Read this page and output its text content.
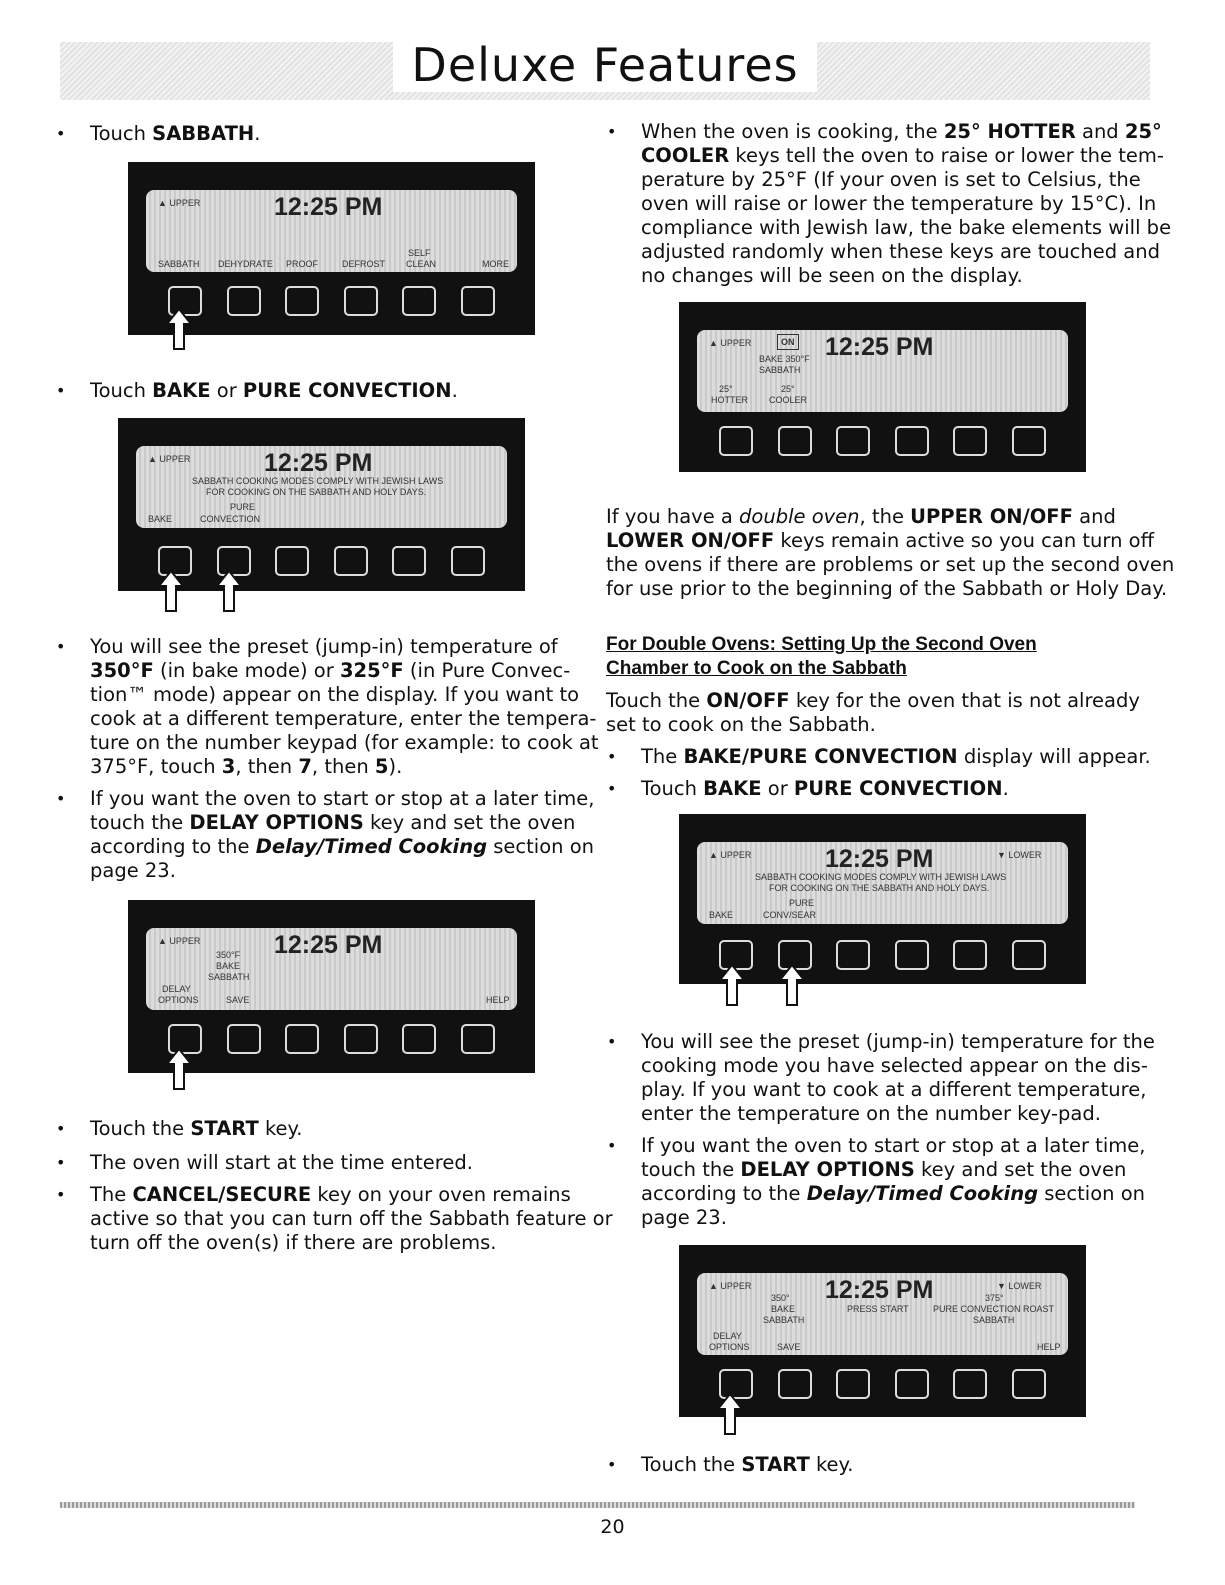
Deluxe Features
• Touch SABBATH.
▲ UPPER	12:25 PM
SELF
SABBATH DEHYDRATE PROOF	DEFROST CLEAN	MORE
• Touch BAKE or PURE CONVECTION.
▲ UPPER	12:25 PM
SABBATH COOKING MODES COMPLY WITH JEWISH LAWS
FOR COOKING ON THE SABBATH AND HOLY DAYS.
PURE
BAKE	CONVECTION
• You will see the preset (jump-in) temperature of
350°F (in bake mode) or 325°F (in Pure Convec-
tion™ mode) appear on the display. If you want to
cook at a different temperature, enter the tempera-
ture on the number keypad (for example: to cook at
375°F, touch 3, then 7, then 5).
• If you want the oven to start or stop at a later time,
touch the DELAY OPTIONS key and set the oven
according to the Delay/Timed Cooking section on
page 23.
▲ UPPER	12:25 PM
350°F
BAKE
SABBATH
DELAY
OPTIONS	SAVE	HELP
• Touch the START key.
• The oven will start at the time entered.
• The CANCEL/SECURE key on your oven remains
active so that you can turn off the Sabbath feature or
turn off the oven(s) if there are problems.
• When the oven is cooking, the 25° HOTTER and 25°
COOLER keys tell the oven to raise or lower the tem-
perature by 25°F (If your oven is set to Celsius, the
oven will raise or lower the temperature by 15°C). In
compliance with Jewish law, the bake elements will be
adjusted randomly when these keys are touched and
no changes will be seen on the display.
▲ UPPER	ON 12:25 PM
BAKE 350°F
SABBATH
25°	25°
HOTTER COOLER
If you have a double oven, the UPPER ON/OFF and
LOWER ON/OFF keys remain active so you can turn off
the ovens if there are problems or set up the second oven
for use prior to the beginning of the Sabbath or Holy Day.
For Double Ovens: Setting Up the Second Oven
Chamber to Cook on the Sabbath
Touch the ON/OFF key for the oven that is not already
set to cook on the Sabbath.
• The BAKE/PURE CONVECTION display will appear.
• Touch BAKE or PURE CONVECTION.
▲ UPPER	12:25 PM	▼ LOWER
SABBATH COOKING MODES COMPLY WITH JEWISH LAWS
FOR COOKING ON THE SABBATH AND HOLY DAYS.
PURE
BAKE	CONV/SEAR
• You will see the preset (jump-in) temperature for the
cooking mode you have selected appear on the dis-
play. If you want to cook at a different temperature,
enter the temperature on the number key-pad.
• If you want the oven to start or stop at a later time,
touch the DELAY OPTIONS key and set the oven
according to the Delay/Timed Cooking section on
page 23.
▲ UPPER	12:25 PM	▼ LOWER
350°
BAKE
SABBATH
PRESS START
375°
PURE CONVECTION ROAST
SABBATH
DELAY
OPTIONS	SAVE	HELP
• Touch the START key.
20
